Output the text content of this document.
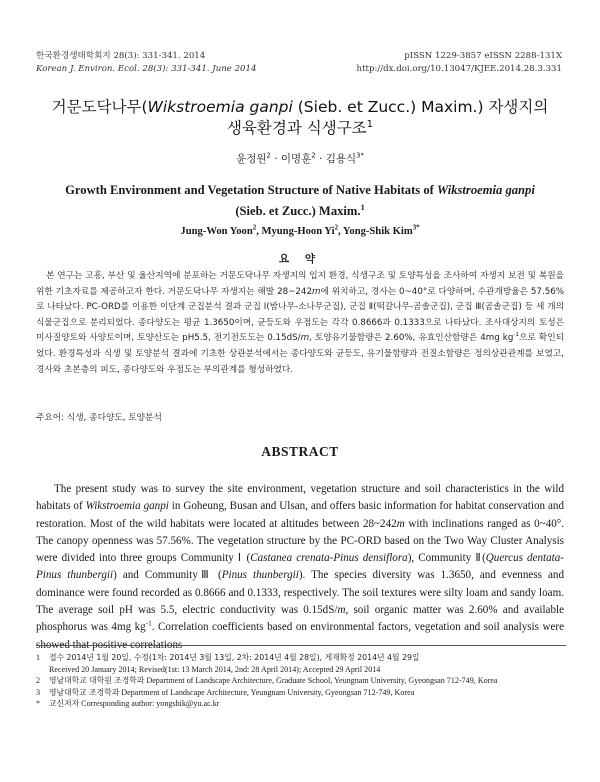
한국환경생태학회지 28(3): 331-341. 2014
Korean J. Environ. Ecol. 28(3): 331-341. June 2014
pISSN 1229-3857 eISSN 2288-131X
http://dx.doi.org/10.13047/KJEE.2014.28.3.331
거문도닥나무(Wikstroemia ganpi (Sieb. et Zucc.) Maxim.) 자생지의
생육환경과 식생구조$^1$
윤정원$^2$ · 이명훈$^2$ · 김용식$^{3*}$
Growth Environment and Vegetation Structure of Native Habitats of Wikstroemia ganpi
(Sieb. et Zucc.) Maxim.$^1$
Jung-Won Yoon$^2$, Myung-Hoon Yi$^2$, Yong-Shik Kim$^{3*}$
요 약
본 연구는 고흥, 부산 및 울산지역에 분포하는 거문도닥나무 자생지의 입지 환경, 식생구조 및 토양특성을 조사하여 자생지 보전 및 복원을 위한 기초자료를 제공하고자 한다. 거문도닥나무 자생지는 해발 28~242m에 위치하고, 경사는 0~40°로 다양하며, 수관개방율은 57.56%로 나타났다. PC-ORD를 이용한 이단계 군집분석 결과 군집 Ⅰ(밤나무-소나무군집), 군집 Ⅱ(떡갈나무-곰솔군집), 군집 Ⅲ(곰솔군집) 등 세 개의 식물군집으로 분리되었다. 종다양도는 평균 1.3650이며, 균등도와 우점도는 각각 0.8666과 0.1333으로 나타났다. 조사대상지의 토성은 미사질양토와 사양토이며, 토양산도는 pH5.5, 전기전도도는 0.15dS/m, 토양유기물함량은 2.60%, 유효인산함량은 4mg $kg^{-1}$으로 확인되었다. 환경특성과 식생 및 토양분석 결과에 기초한 상관분석에서는 종다양도와 균등도, 유기물함량과 전질소함량은 정의상관관계를 보였고, 경사와 초본층의 피도, 종다양도와 우점도는 부의관계를 형성하였다.
주요어: 식생, 종다양도, 토양분석
ABSTRACT
The present study was to survey the site environment, vegetation structure and soil characteristics in the wild habitats of Wikstroemia ganpi in Goheung, Busan and Ulsan, and offers basic information for habitat conservation and restoration. Most of the wild habitats were located at altitudes between 28~242m with inclinations ranged as 0~40°. The canopy openness was 57.56%. The vegetation structure by the PC-ORD based on the Two Way Cluster Analysis were divided into three groups Community Ⅰ (Castanea crenata-Pinus densiflora), Community Ⅱ(Quercus dentata-Pinus thunbergii) and CommunityⅢ (Pinus thunbergii). The species diversity was 1.3650, and evenness and dominance were found recorded as 0.8666 and 0.1333, respectively. The soil textures were silty loam and sandy loam. The average soil pH was 5.5, electric conductivity was 0.15dS/m, soil organic matter was 2.60% and available phosphorus was 4mg $kg^{-1}$. Correlation coefficients based on environmental factors, vegetation and soil analysis were showed that positive correlations
1	접수 2014년 1월 20일, 수정(1차: 2014년 3월 13일, 2차: 2014년 4월 28일), 게재확정 2014년 4월 29일
Received 20 January 2014; Revised(1st: 13 March 2014, 2nd: 28 April 2014); Accepted 29 April 2014
2	영남대학교 대학원 조경학과 Department of Landscape Architecture, Graduate School, Yeungnam University, Gyeongsan 712-749, Korea
3	영남대학교 조경학과 Department of Landscape Architecture, Yeungnam University, Gyeongsan 712-749, Korea
*	교신저자 Corresponding author: yongshik@yu.ac.kr
